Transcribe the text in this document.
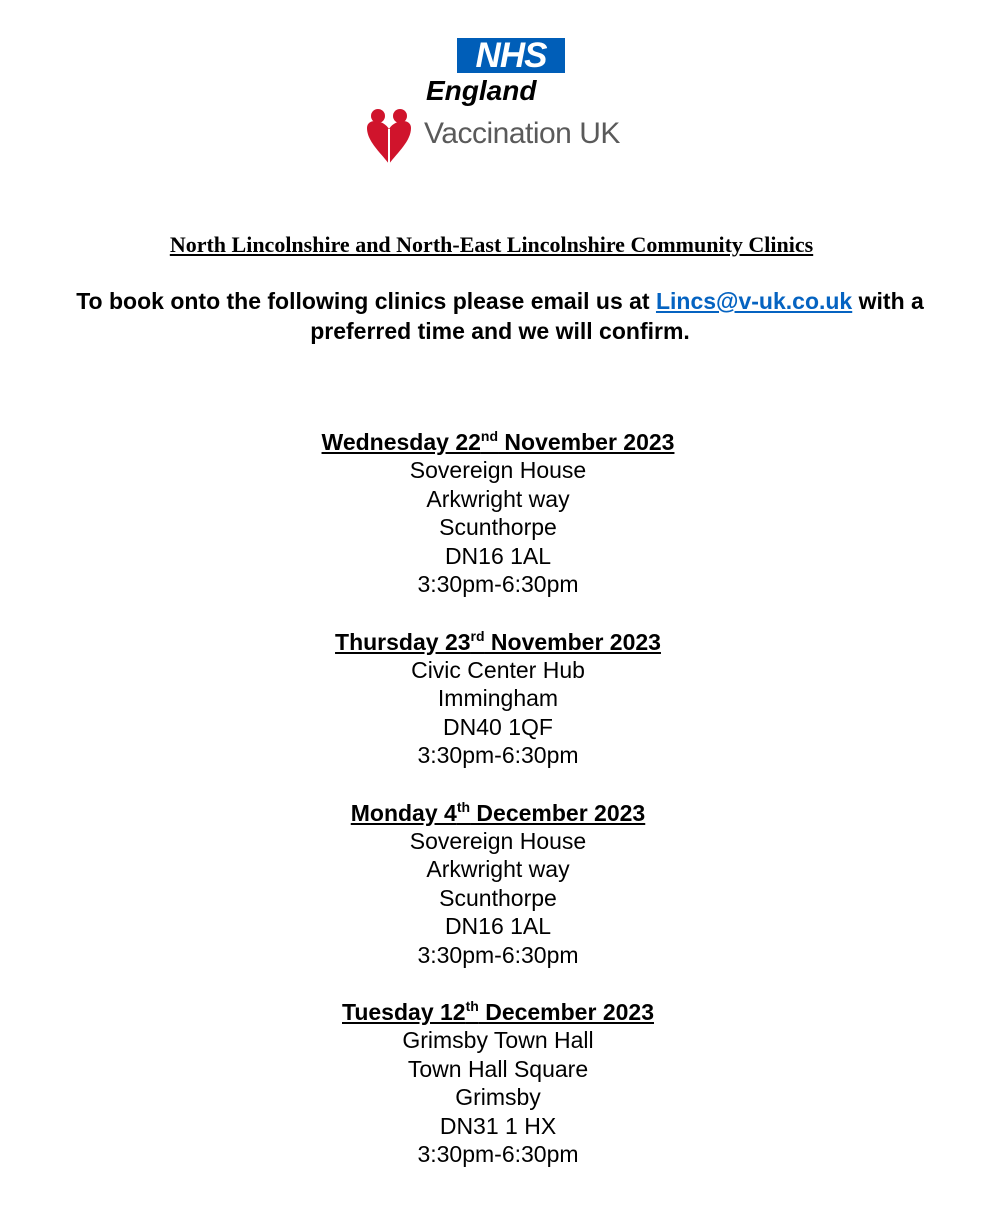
NHS
England
Vaccination UK
North Lincolnshire and North-East Lincolnshire Community Clinics
To book onto the following clinics please email us at Lincs@v-uk.co.uk with a preferred time and we will confirm.
Wednesday 22nd November 2023
Sovereign House
Arkwright way
Scunthorpe
DN16 1AL
3:30pm-6:30pm
Thursday 23rd November 2023
Civic Center Hub
Immingham
DN40 1QF
3:30pm-6:30pm
Monday 4th December 2023
Sovereign House
Arkwright way
Scunthorpe
DN16 1AL
3:30pm-6:30pm
Tuesday 12th December 2023
Grimsby Town Hall
Town Hall Square
Grimsby
DN31 1 HX
3:30pm-6:30pm
